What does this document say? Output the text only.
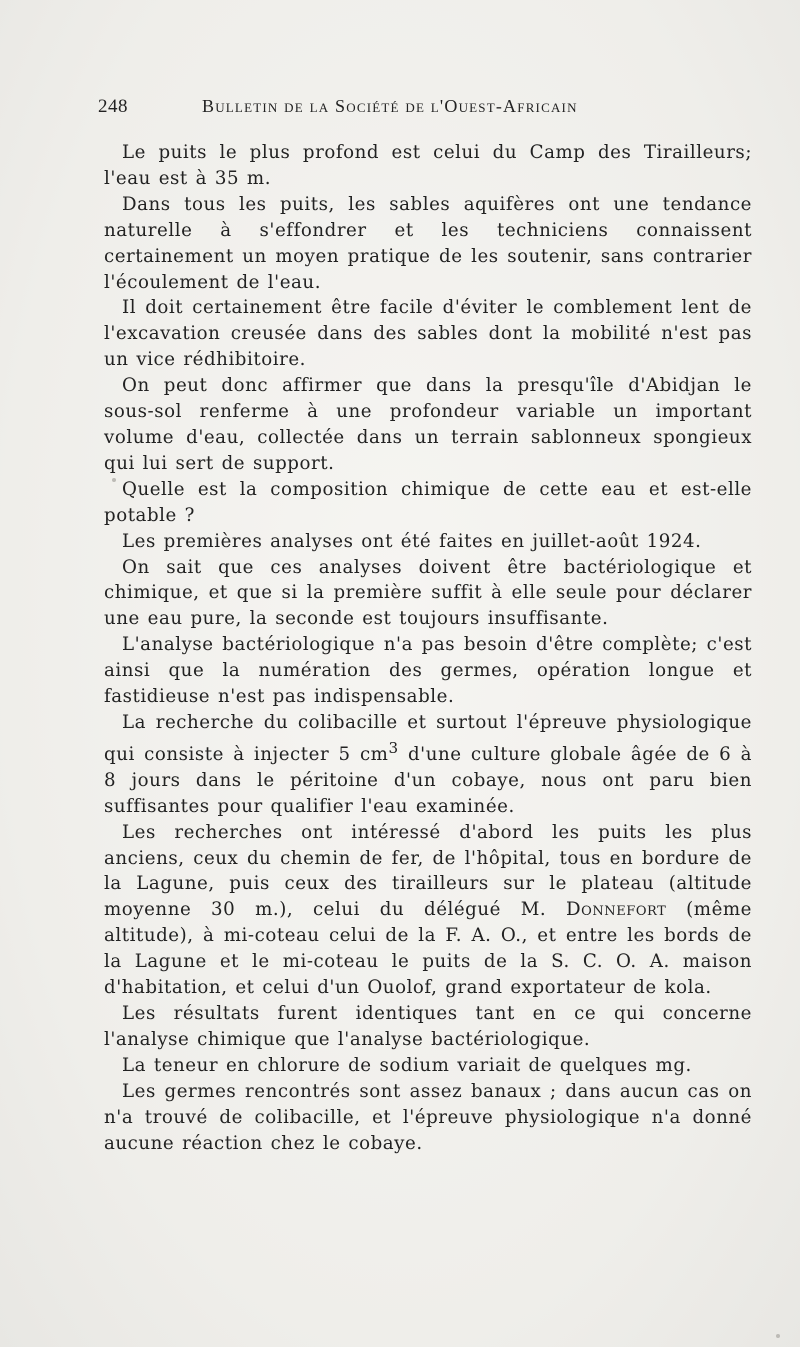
248	Bulletin de la Société de l'Ouest-Africain

Le puits le plus profond est celui du Camp des Tirailleurs; l'eau est à 35 m.

Dans tous les puits, les sables aquifères ont une tendance naturelle à s'effondrer et les techniciens connaissent certainement un moyen pratique de les soutenir, sans contrarier l'écoulement de l'eau.

Il doit certainement être facile d'éviter le comblement lent de l'excavation creusée dans des sables dont la mobilité n'est pas un vice rédhibitoire.

On peut donc affirmer que dans la presqu'île d'Abidjan le sous-sol renferme à une profondeur variable un important volume d'eau, collectée dans un terrain sablonneux spongieux qui lui sert de support.

Quelle est la composition chimique de cette eau et est-elle potable ?

Les premières analyses ont été faites en juillet-août 1924.

On sait que ces analyses doivent être bactériologique et chimique, et que si la première suffit à elle seule pour déclarer une eau pure, la seconde est toujours insuffisante.

L'analyse bactériologique n'a pas besoin d'être complète; c'est ainsi que la numération des germes, opération longue et fastidieuse n'est pas indispensable.

La recherche du colibacille et surtout l'épreuve physiologique qui consiste à injecter 5 $cm^3$ d'une culture globale âgée de 6 à 8 jours dans le péritoine d'un cobaye, nous ont paru bien suffisantes pour qualifier l'eau examinée.

Les recherches ont intéressé d'abord les puits les plus anciens, ceux du chemin de fer, de l'hôpital, tous en bordure de la Lagune, puis ceux des tirailleurs sur le plateau (altitude moyenne 30 m.), celui du délégué M. Donnefort (même altitude), à mi-coteau celui de la F. A. O., et entre les bords de la Lagune et le mi-coteau le puits de la S. C. O. A. maison d'habitation, et celui d'un Ouolof, grand exportateur de kola.

Les résultats furent identiques tant en ce qui concerne l'analyse chimique que l'analyse bactériologique.

La teneur en chlorure de sodium variait de quelques mg.

Les germes rencontrés sont assez banaux ; dans aucun cas on n'a trouvé de colibacille, et l'épreuve physiologique n'a donné aucune réaction chez le cobaye.
